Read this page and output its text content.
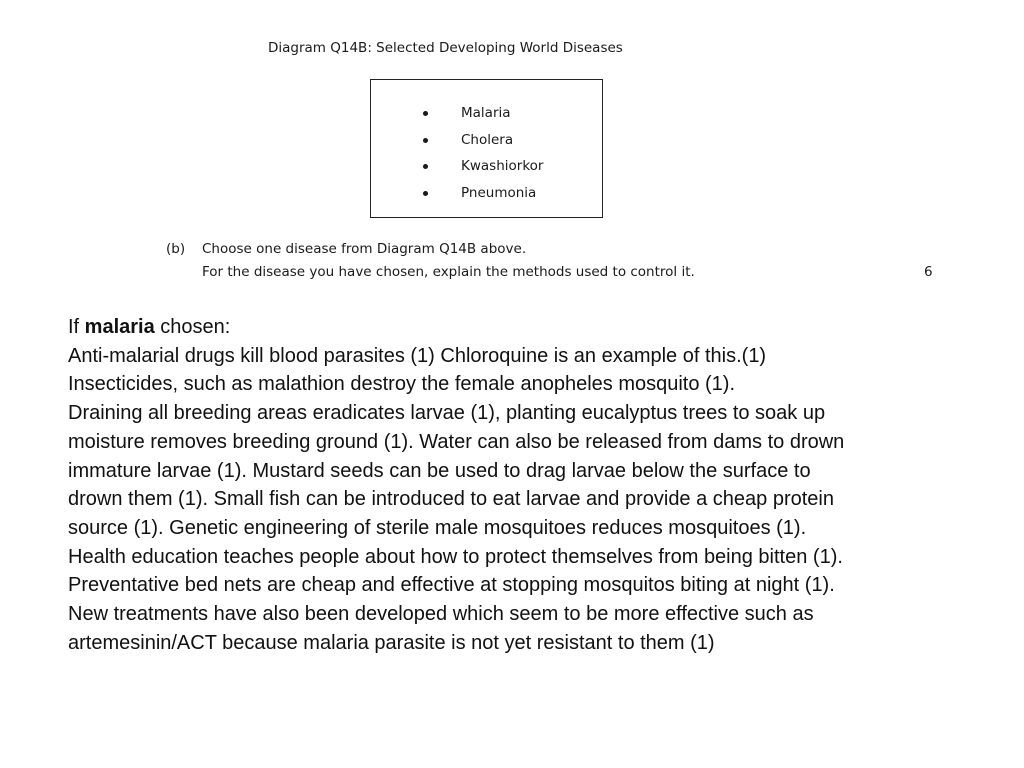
Diagram Q14B: Selected Developing World Diseases
Malaria
Cholera
Kwashiorkor
Pneumonia
(b) Choose one disease from Diagram Q14B above.
For the disease you have chosen, explain the methods used to control it.	6

If malaria chosen:

Anti-malarial drugs kill blood parasites (1) Chloroquine is an example of this.(1) Insecticides, such as malathion destroy the female anopheles mosquito (1).

Draining all breeding areas eradicates larvae (1), planting eucalyptus trees to soak up moisture removes breeding ground (1). Water can also be released from dams to drown immature larvae (1). Mustard seeds can be used to drag larvae below the surface to drown them (1). Small fish can be introduced to eat larvae and provide a cheap protein source (1). Genetic engineering of sterile male mosquitoes reduces mosquitoes (1).

Health education teaches people about how to protect themselves from being bitten (1). Preventative bed nets are cheap and effective at stopping mosquitos biting at night (1). New treatments have also been developed which seem to be more effective such as artemesinin/ACT because malaria parasite is not yet resistant to them (1)
